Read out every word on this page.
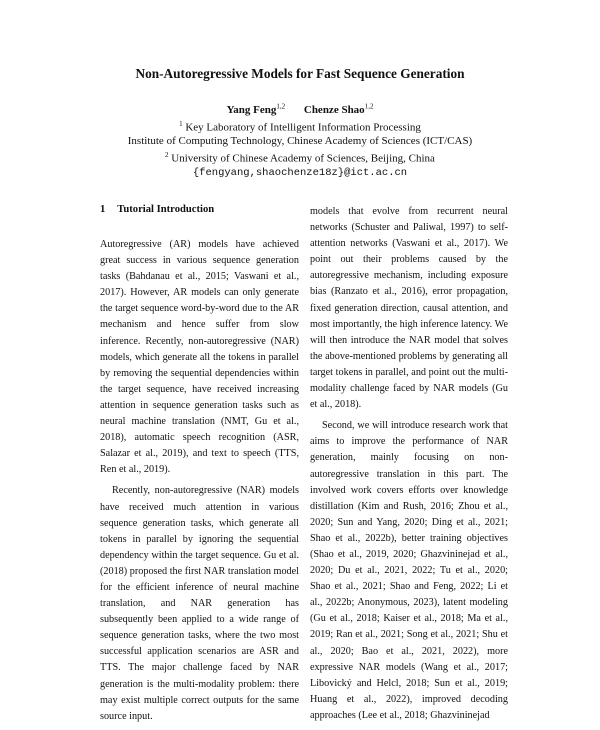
Non-Autoregressive Models for Fast Sequence Generation
Yang Feng$^{1,2}$ Chenze Shao$^{1,2}$
$^1$ Key Laboratory of Intelligent Information Processing
Institute of Computing Technology, Chinese Academy of Sciences (ICT/CAS)
$^2$ University of Chinese Academy of Sciences, Beijing, China
{fengyang,shaochenze18z}@ict.ac.cn
1 Tutorial Introduction

Autoregressive (AR) models have achieved great success in various sequence generation tasks (Bahdanau et al., 2015; Vaswani et al., 2017). However, AR models can only generate the target sequence word-by-word due to the AR mechanism and hence suffer from slow inference. Recently, non-autoregressive (NAR) models, which generate all the tokens in parallel by removing the sequential dependencies within the target sequence, have received increasing attention in sequence generation tasks such as neural machine translation (NMT, Gu et al., 2018), automatic speech recognition (ASR, Salazar et al., 2019), and text to speech (TTS, Ren et al., 2019).

Recently, non-autoregressive (NAR) models have received much attention in various sequence generation tasks, which generate all tokens in parallel by ignoring the sequential dependency within the target sequence. Gu et al. (2018) proposed the first NAR translation model for the efficient inference of neural machine translation, and NAR generation has subsequently been applied to a wide range of sequence generation tasks, where the two most successful application scenarios are ASR and TTS. The major challenge faced by NAR generation is the multi-modality problem: there may exist multiple correct outputs for the same source input.

models that evolve from recurrent neural networks (Schuster and Paliwal, 1997) to self-attention networks (Vaswani et al., 2017). We point out their problems caused by the autoregressive mechanism, including exposure bias (Ranzato et al., 2016), error propagation, fixed generation direction, causal attention, and most importantly, the high inference latency. We will then introduce the NAR model that solves the above-mentioned problems by generating all target tokens in parallel, and point out the multi-modality challenge faced by NAR models (Gu et al., 2018).

Second, we will introduce research work that aims to improve the performance of NAR generation, mainly focusing on non-autoregressive translation in this part. The involved work covers efforts over knowledge distillation (Kim and Rush, 2016; Zhou et al., 2020; Sun and Yang, 2020; Ding et al., 2021; Shao et al., 2022b), better training objectives (Shao et al., 2019, 2020; Ghazvininejad et al., 2020; Du et al., 2021, 2022; Tu et al., 2020; Shao et al., 2021; Shao and Feng, 2022; Li et al., 2022b; Anonymous, 2023), latent modeling (Gu et al., 2018; Kaiser et al., 2018; Ma et al., 2019; Ran et al., 2021; Song et al., 2021; Shu et al., 2020; Bao et al., 2021, 2022), more expressive NAR models (Wang et al., 2017; Libovický and Helcl, 2018; Sun et al., 2019; Huang et al., 2022), improved decoding approaches (Lee et al., 2018; Ghazvininejad
